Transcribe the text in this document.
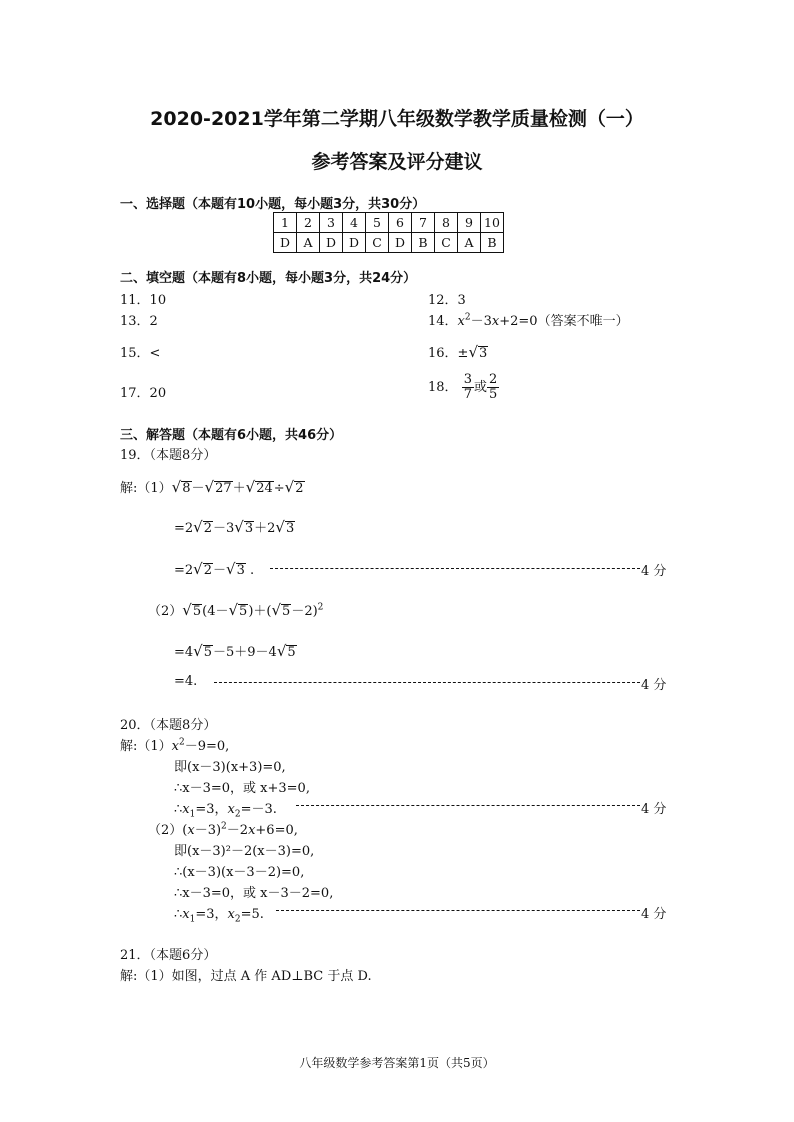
2020-2021学年第二学期八年级数学教学质量检测（一）
参考答案及评分建议
一、选择题（本题有10小题，每小题3分，共30分）
1	2	3	4	5	6	7	8	9	10
D	A	D	D	C	D	B	C	A	B
二、填空题（本题有8小题，每小题3分，共24分）
11．10	12．3
13．2	14．$x^2-3x+2=0$（答案不唯一）
15．<	16．±√3
17．20	18． $\frac{3}{7}$ 或 $\frac{2}{5}$
三、解答题（本题有6小题，共46分）
19．（本题8分）
解:（1）√8－√27＋√24÷√2
=2√2－3√3＋2√3
=2√2－√3 .	4 分
$(2)√5(4-√5)+(√5-2)^2$
=4√5－5＋9－4√5
=4.	4 分
20．（本题8分）
解$:(1)x^2-9=0$,
即(x－3)(x+3)=0,
∴x－3=0，或 x+3=0,
$\therefore x_1=3$，$x_2=-3$.	4 分
$(2)(x-3)^2-2x+6=0$,
即(x－3)²－2(x－3)=0,
∴(x－3)(x－3－2)=0,
∴x－3=0，或 x－3－2=0,
$\therefore x_1=3$，$x_2=5$.	4 分
21．（本题6分）
解:（1）如图，过点 A 作 AD⊥BC 于点 D.
八年级数学参考答案第1页（共5页）
